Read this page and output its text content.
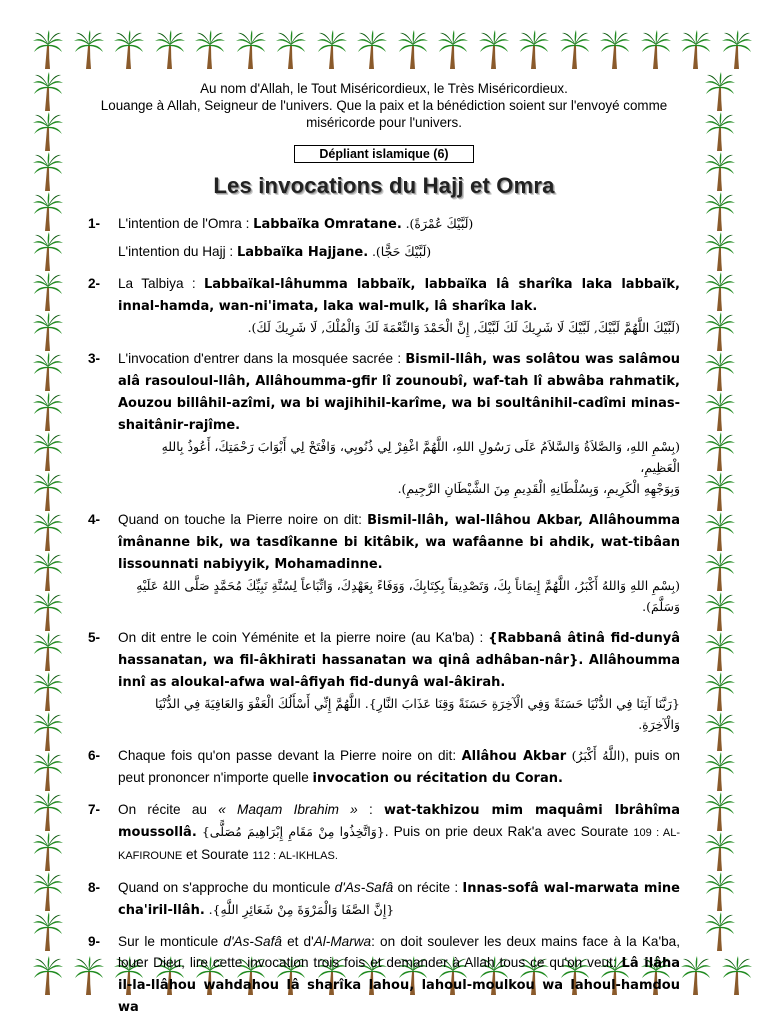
Au nom d'Allah, le Tout Miséricordieux, le Très Miséricordieux.

Louange à Allah, Seigneur de l'univers. Que la paix et la bénédiction soient sur l'envoyé comme miséricorde pour l'univers.

Dépliant islamique (6)
Les invocations du Hajj et Omra
1- L'intention de l'Omra : Labbaïka Omratane. (لَبَّيْكَ عُمْرَةً).

L'intention du Hajj : Labbaïka Hajjane. (لَبَّيْكَ حَجًّا).

2- La Talbiya : Labbaïkal-lâhumma labbaïk, labbaïka lâ sharîka laka labbaïk, innal-hamda, wan-ni'imata, laka wal-mulk, lâ sharîka lak.

(لَبَّيْكَ اللَّهُمَّ لَبَّيْكَ, لَبَّيْكَ لَا شَرِيكَ لَكَ لَبَّيْكَ, إِنَّ الْحَمْدَ وَالنِّعْمَةَ لَكَ وَالْمُلْكَ, لَا شَرِيكَ لَكَ).

3- L'invocation d'entrer dans la mosquée sacrée : Bismil-llâh, was solâtou was salâmou alâ rasouloul-llâh, Allâhoumma-gfir lî zounoubî, waf-tah lî abwâba rahmatik, Aouzou billâhil-azîmi, wa bi wajihihil-karîme, wa bi soultânihil-cadîmi minas-shaitânir-rajîme.

(بِسْمِ اللهِ، وَالصَّلاَةُ وَالسَّلاَمُ عَلَى رَسُولِ اللهِ، اللَّهُمَّ اغْفِرْ لِي ذُنُوبِي، وَافْتَحْ لِي أَبْوَابَ رَحْمَتِكَ، أَعُوذُ بِاللهِ الْعَظِيمِ،

وَبِوَجْهِهِ الْكَرِيمِ، وَبِسُلْطَانِهِ الْقَدِيمِ مِنَ الشَّيْطَانِ الرَّجِيمِ).

4- Quand on touche la Pierre noire on dit: Bismil-llâh, wal-llâhou Akbar, Allâhoumma îmânanne bik, wa tasdîkanne bi kitâbik, wa wafâanne bi ahdik, wat-tibâan lissounnati nabiyyik, Mohamadinne.

(بِسْمِ اللهِ وَاللهُ أَكْبَرُ، اللَّهُمَّ إِيمَاناً بِكَ، وَتَصْدِيقاً بِكِتَابِكَ، وَوَفَاءً بِعَهْدِكَ، وَاتِّبَاعاً لِسُنَّةِ نَبِيِّكَ مُحَمَّدٍ صَلَّى اللهُ عَلَيْهِ وَسَلَّمَ).

5- On dit entre le coin Yéménite et la pierre noire (au Ka'ba) : {Rabbanâ âtinâ fid-dunyâ hassanatan, wa fil-âkhirati hassanatan wa qinâ adhâban-nâr}. Allâhoumma innî as aloukal-afwa wal-âfiyah fid-dunyâ wal-âkirah.

{رَبَّنَا آتِنَا فِي الدُّنْيَا حَسَنَةً وَفِي الْآخِرَةِ حَسَنَةً وَقِنَا عَذَابَ النَّارِ}. اللَّهُمَّ إِنِّي أَسْأَلُكَ الْعَفْوَ وَالعَافِيَةَ فِي الدُّنْيَا وَالْآخِرَةِ.

6- Chaque fois qu'on passe devant la Pierre noire on dit: Allâhou Akbar (اللَّهُ أَكْبَرُ), puis on peut prononcer n'importe quelle invocation ou récitation du Coran.

7- On récite au « Maqam Ibrahim » : wat-takhizou mim maquâmi Ibrâhîma moussollâ. {وَاتَّخِذُوا مِنْ مَقَامِ إِبْرَاهِيمَ مُصَلًّى}. Puis on prie deux Rak'a avec Sourate 109 : AL-KAFIROUNE et Sourate 112 : AL-IKHLAS.

8- Quand on s'approche du monticule d'As-Safâ on récite : Innas-sofâ wal-marwata mine cha'iril-llâh. {إِنَّ الصَّفَا وَالْمَرْوَةَ مِنْ شَعَائِرِ اللَّهِ}.

9- Sur le monticule d'As-Safâ et d'Al-Marwa: on doit soulever les deux mains face à la Ka'ba, louer Dieu, lire cette invocation trois fois et demander à Allah tous ce qu'on veut: Lâ ilâha il-la-llâhou wahdahou lâ sharîka lahou, lahoul-moulkou wa lahoul-hamdou wa
